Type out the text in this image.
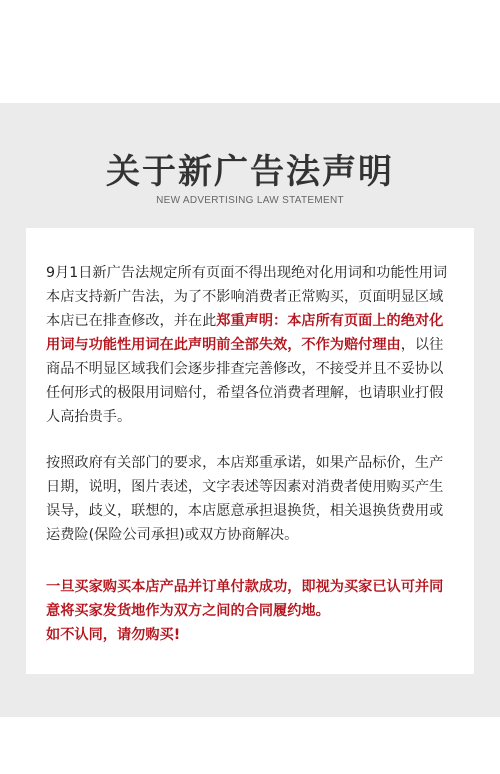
关于新广告法声明
NEW ADVERTISING LAW STATEMENT

9月1日新广告法规定所有页面不得出现绝对化用词和功能性用词本店支持新广告法，为了不影响消费者正常购买，页面明显区域本店已在排查修改，并在此郑重声明：本店所有页面上的绝对化用词与功能性用词在此声明前全部失效，不作为赔付理由，以往商品不明显区域我们会逐步排查完善修改，不接受并且不妥协以任何形式的极限用词赔付，希望各位消费者理解，也请职业打假人高抬贵手。

按照政府有关部门的要求，本店郑重承诺，如果产品标价，生产日期，说明，图片表述，文字表述等因素对消费者使用购买产生误导，歧义，联想的，本店愿意承担退换货，相关退换货费用或运费险(保险公司承担)或双方协商解决。

一旦买家购买本店产品并订单付款成功，即视为买家已认可并同意将买家发货地作为双方之间的合同履约地。
如不认同，请勿购买!
